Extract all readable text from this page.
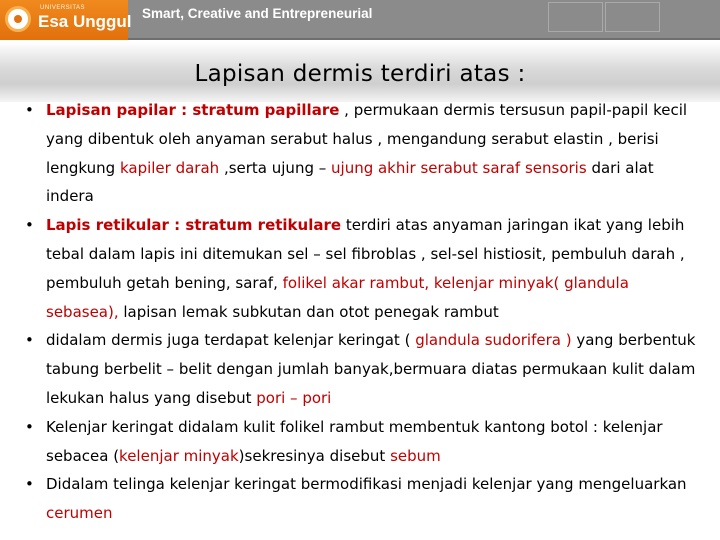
UNIVERSITAS
Esa Unggul Smart, Creative and Entrepreneurial
Lapisan dermis terdiri atas :
• Lapisan papilar : stratum papillare , permukaan dermis tersusun papil-papil kecil yang dibentuk oleh anyaman serabut halus , mengandung serabut elastin , berisi lengkung kapiler darah ,serta ujung – ujung akhir serabut saraf sensoris dari alat indera
• Lapis retikular : stratum retikulare terdiri atas anyaman jaringan ikat yang lebih tebal dalam lapis ini ditemukan sel – sel fibroblas , sel-sel histiosit, pembuluh darah , pembuluh getah bening, saraf, folikel akar rambut, kelenjar minyak( glandula sebasea), lapisan lemak subkutan dan otot penegak rambut
• didalam dermis juga terdapat kelenjar keringat ( glandula sudorifera ) yang berbentuk tabung berbelit – belit dengan jumlah banyak,bermuara diatas permukaan kulit dalam lekukan halus yang disebut pori – pori
• Kelenjar keringat didalam kulit folikel rambut membentuk kantong botol : kelenjar sebacea (kelenjar minyak)sekresinya disebut sebum
• Didalam telinga kelenjar keringat bermodifikasi menjadi kelenjar yang mengeluarkan cerumen
